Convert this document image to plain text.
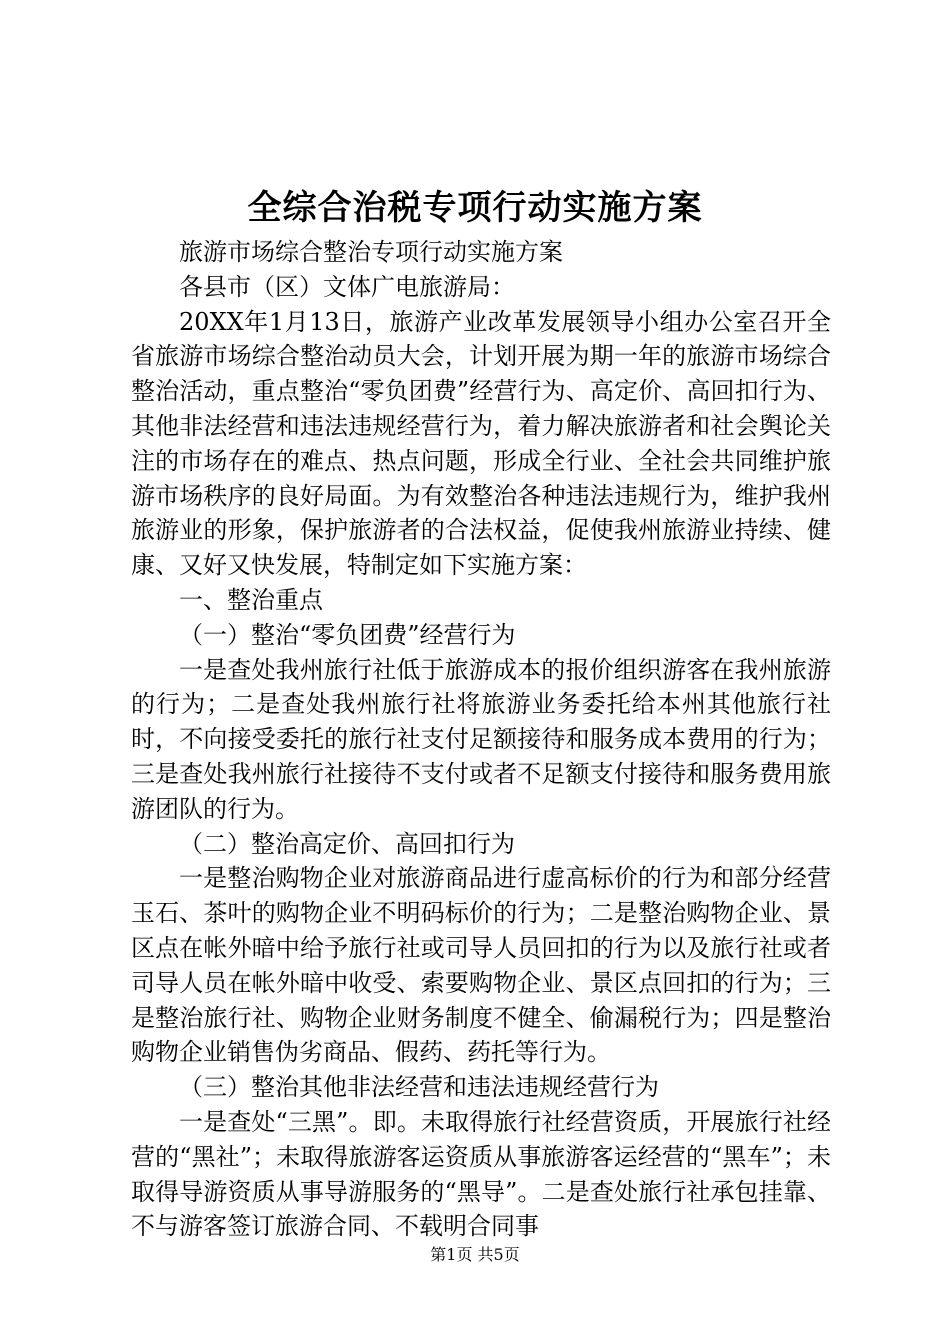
全综合治税专项行动实施方案

旅游市场综合整治专项行动实施方案

各县市（区）文体广电旅游局：

20XX年1月13日，旅游产业改革发展领导小组办公室召开全省旅游市场综合整治动员大会，计划开展为期一年的旅游市场综合整治活动，重点整治“零负团费”经营行为、高定价、高回扣行为、其他非法经营和违法违规经营行为，着力解决旅游者和社会舆论关注的市场存在的难点、热点问题，形成全行业、全社会共同维护旅游市场秩序的良好局面。为有效整治各种违法违规行为，维护我州旅游业的形象，保护旅游者的合法权益，促使我州旅游业持续、健康、又好又快发展，特制定如下实施方案：

一、整治重点

（一）整治“零负团费”经营行为

一是查处我州旅行社低于旅游成本的报价组织游客在我州旅游的行为；二是查处我州旅行社将旅游业务委托给本州其他旅行社时，不向接受委托的旅行社支付足额接待和服务成本费用的行为；三是查处我州旅行社接待不支付或者不足额支付接待和服务费用旅游团队的行为。

（二）整治高定价、高回扣行为

一是整治购物企业对旅游商品进行虚高标价的行为和部分经营玉石、茶叶的购物企业不明码标价的行为；二是整治购物企业、景区点在帐外暗中给予旅行社或司导人员回扣的行为以及旅行社或者司导人员在帐外暗中收受、索要购物企业、景区点回扣的行为；三是整治旅行社、购物企业财务制度不健全、偷漏税行为；四是整治购物企业销售伪劣商品、假药、药托等行为。

（三）整治其他非法经营和违法违规经营行为

一是查处“三黑”。即。未取得旅行社经营资质，开展旅行社经营的“黑社”；未取得旅游客运资质从事旅游客运经营的“黑车”；未取得导游资质从事导游服务的“黑导”。二是查处旅行社承包挂靠、不与游客签订旅游合同、不载明合同事

第1页 共5页
